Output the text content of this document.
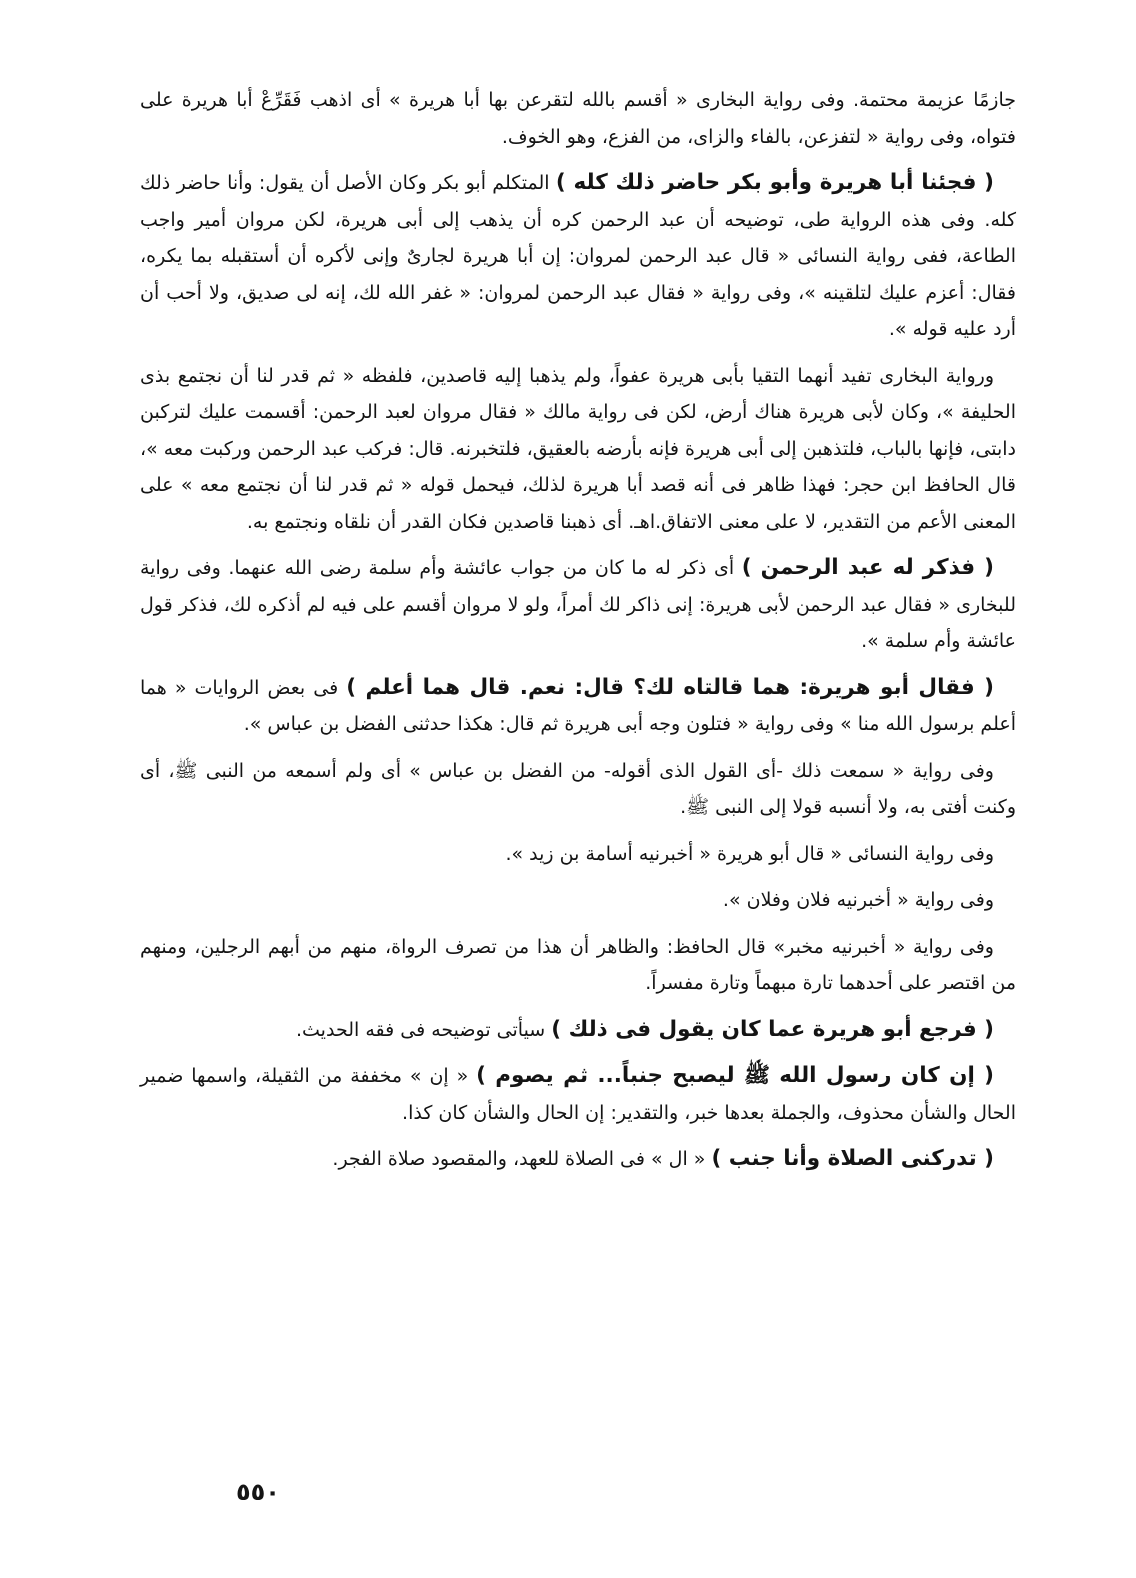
جازمًا عزيمة محتمة. وفى رواية البخارى « أقسم بالله لتقرعن بها أبا هريرة » أى اذهب فَقَرِّعْ أبا هريرة على فتواه، وفى رواية « لتفزعن، بالفاء والزاى، من الفزع، وهو الخوف.

( فجئنا أبا هريرة وأبو بكر حاضر ذلك كله ) المتكلم أبو بكر وكان الأصل أن يقول: وأنا حاضر ذلك كله. وفى هذه الرواية طى، توضيحه أن عبد الرحمن كره أن يذهب إلى أبى هريرة، لكن مروان أمير واجب الطاعة، ففى رواية النسائى « قال عبد الرحمن لمروان: إن أبا هريرة لجارىٌ وإنى لأكره أن أستقبله بما يكره، فقال: أعزم عليك لتلقينه »، وفى رواية « فقال عبد الرحمن لمروان: « غفر الله لك، إنه لى صديق، ولا أحب أن أرد عليه قوله ».

ورواية البخارى تفيد أنهما التقيا بأبى هريرة عفواً، ولم يذهبا إليه قاصدين، فلفظه « ثم قدر لنا أن نجتمع بذى الحليفة »، وكان لأبى هريرة هناك أرض، لكن فى رواية مالك « فقال مروان لعبد الرحمن: أقسمت عليك لتركبن دابتى، فإنها بالباب، فلتذهبن إلى أبى هريرة فإنه بأرضه بالعقيق، فلتخبرنه. قال: فركب عبد الرحمن وركبت معه »، قال الحافظ ابن حجر: فهذا ظاهر فى أنه قصد أبا هريرة لذلك، فيحمل قوله « ثم قدر لنا أن نجتمع معه » على المعنى الأعم من التقدير، لا على معنى الاتفاق.اهـ. أى ذهبنا قاصدين فكان القدر أن نلقاه ونجتمع به.

( فذكر له عبد الرحمن ) أى ذكر له ما كان من جواب عائشة وأم سلمة رضى الله عنهما. وفى رواية للبخارى « فقال عبد الرحمن لأبى هريرة: إنى ذاكر لك أمراً، ولو لا مروان أقسم على فيه لم أذكره لك، فذكر قول عائشة وأم سلمة ».

( فقال أبو هريرة: هما قالتاه لك؟ قال: نعم. قال هما أعلم ) فى بعض الروايات « هما أعلم برسول الله منا » وفى رواية « فتلون وجه أبى هريرة ثم قال: هكذا حدثنى الفضل بن عباس ».

وفى رواية « سمعت ذلك -أى القول الذى أقوله- من الفضل بن عباس » أى ولم أسمعه من النبى ﷺ، أى وكنت أفتى به، ولا أنسبه قولا إلى النبى ﷺ.

وفى رواية النسائى « قال أبو هريرة « أخبرنيه أسامة بن زيد ».

وفى رواية « أخبرنيه فلان وفلان ».

وفى رواية « أخبرنيه مخبر» قال الحافظ: والظاهر أن هذا من تصرف الرواة، منهم من أبهم الرجلين، ومنهم من اقتصر على أحدهما تارة مبهماً وتارة مفسراً.

( فرجع أبو هريرة عما كان يقول فى ذلك ) سيأتى توضيحه فى فقه الحديث.

( إن كان رسول الله ﷺ ليصبح جنباً... ثم يصوم ) « إن » مخففة من الثقيلة، واسمها ضمير الحال والشأن محذوف، والجملة بعدها خبر، والتقدير: إن الحال والشأن كان كذا.

( تدركنى الصلاة وأنا جنب ) « ال » فى الصلاة للعهد، والمقصود صلاة الفجر.

٥٥٠
